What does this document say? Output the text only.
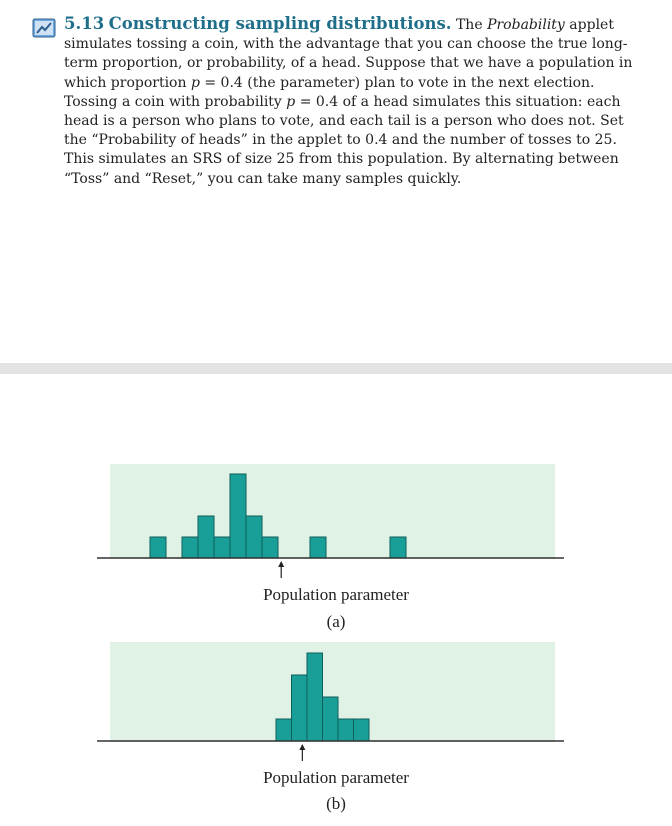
5.13 Constructing sampling distributions. The Probability applet simulates tossing a coin, with the advantage that you can choose the true long-term proportion, or probability, of a head. Suppose that we have a population in which proportion p = 0.4 (the parameter) plan to vote in the next election. Tossing a coin with probability p = 0.4 of a head simulates this situation: each head is a person who plans to vote, and each tail is a person who does not. Set the “Probability of heads” in the applet to 0.4 and the number of tosses to 25. This simulates an SRS of size 25 from this population. By alternating between “Toss” and “Reset,” you can take many samples quickly.
Population parameter
(a)
Population parameter
(b)
